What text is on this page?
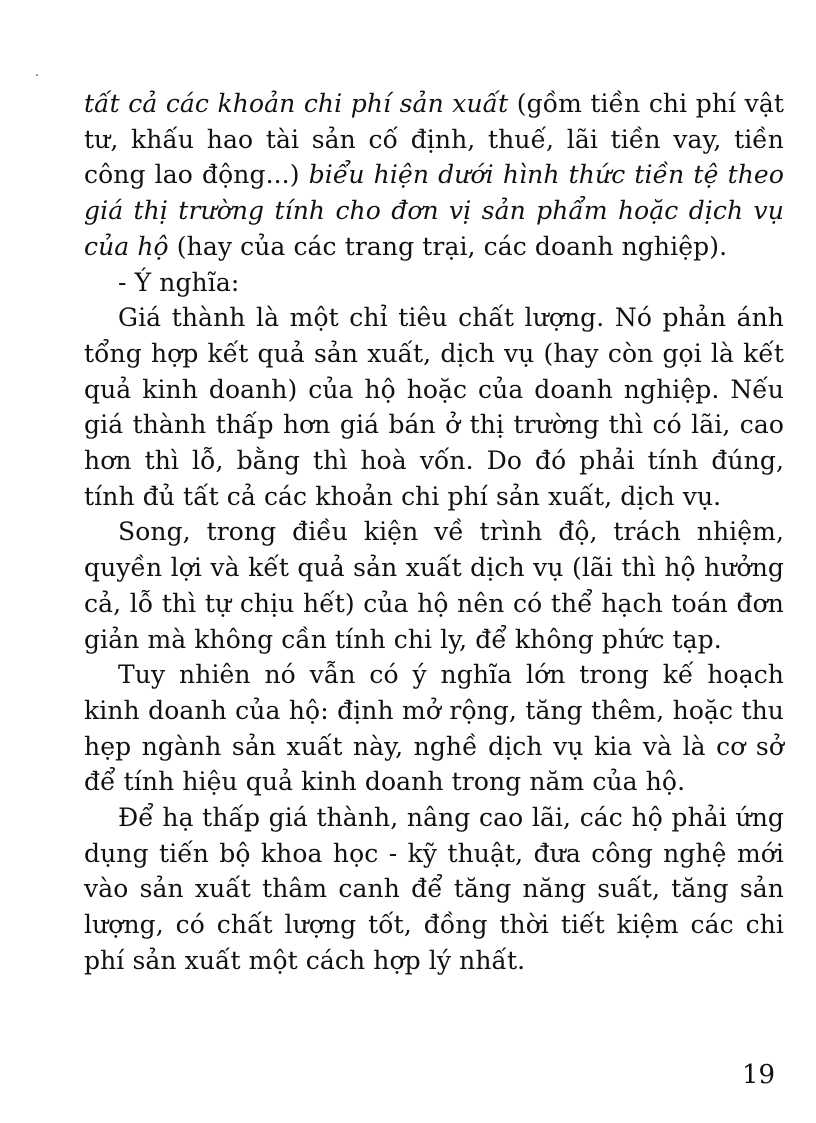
tất cả các khoản chi phí sản xuất (gồm tiền chi phí vật tư, khấu hao tài sản cố định, thuế, lãi tiền vay, tiền công lao động...) biểu hiện dưới hình thức tiền tệ theo giá thị trường tính cho đơn vị sản phẩm hoặc dịch vụ của hộ (hay của các trang trại, các doanh nghiệp).

- Ý nghĩa:

Giá thành là một chỉ tiêu chất lượng. Nó phản ánh tổng hợp kết quả sản xuất, dịch vụ (hay còn gọi là kết quả kinh doanh) của hộ hoặc của doanh nghiệp. Nếu giá thành thấp hơn giá bán ở thị trường thì có lãi, cao hơn thì lỗ, bằng thì hoà vốn. Do đó phải tính đúng, tính đủ tất cả các khoản chi phí sản xuất, dịch vụ.

Song, trong điều kiện về trình độ, trách nhiệm, quyền lợi và kết quả sản xuất dịch vụ (lãi thì hộ hưởng cả, lỗ thì tự chịu hết) của hộ nên có thể hạch toán đơn giản mà không cần tính chi ly, để không phức tạp.

Tuy nhiên nó vẫn có ý nghĩa lớn trong kế hoạch kinh doanh của hộ: định mở rộng, tăng thêm, hoặc thu hẹp ngành sản xuất này, nghề dịch vụ kia và là cơ sở để tính hiệu quả kinh doanh trong năm của hộ.

Để hạ thấp giá thành, nâng cao lãi, các hộ phải ứng dụng tiến bộ khoa học - kỹ thuật, đưa công nghệ mới vào sản xuất thâm canh để tăng năng suất, tăng sản lượng, có chất lượng tốt, đồng thời tiết kiệm các chi phí sản xuất một cách hợp lý nhất.

19
